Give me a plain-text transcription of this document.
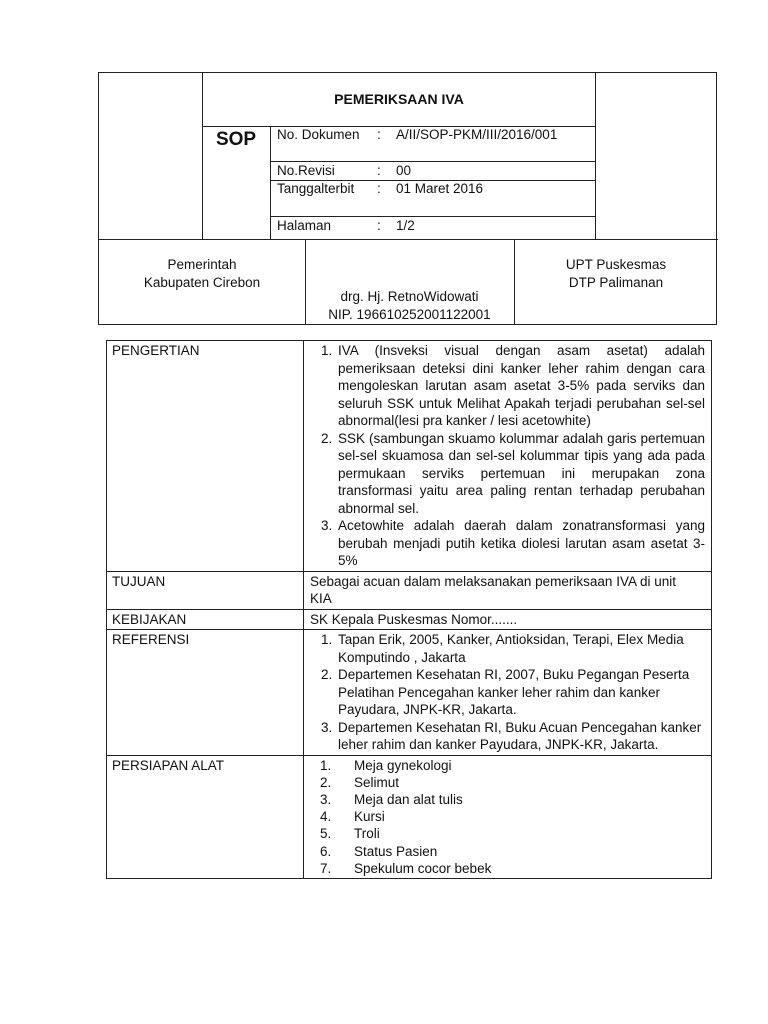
PEMERIKSAAN IVA
SOP	No. Dokumen	: A/II/SOP-PKM/III/2016/001
No.Revisi	: 00
Tanggalterbit	: 01 Maret 2016
Halaman	: 1/2
Pemerintah
Kabupaten Cirebon
drg. Hj. RetnoWidowati
NIP. 196610252001122001
UPT Puskesmas
DTP Palimanan
PENGERTIAN	1. IVA (Insveksi visual dengan asam asetat) adalah pemeriksaan deteksi dini kanker leher rahim dengan cara mengoleskan larutan asam asetat 3-5% pada serviks dan seluruh SSK untuk Melihat Apakah terjadi perubahan sel-sel abnormal(lesi pra kanker / lesi acetowhite)
2. SSK (sambungan skuamo kolummar adalah garis pertemuan sel-sel skuamosa dan sel-sel kolummar tipis yang ada pada permukaan serviks pertemuan ini merupakan zona transformasi yaitu area paling rentan terhadap perubahan abnormal sel.
3. Acetowhite adalah daerah dalam zonatransformasi yang berubah menjadi putih ketika diolesi larutan asam asetat 3-5%
TUJUAN	Sebagai acuan dalam melaksanakan pemeriksaan IVA di unit KIA
KEBIJAKAN	SK Kepala Puskesmas Nomor.......
REFERENSI	1. Tapan Erik, 2005, Kanker, Antioksidan, Terapi, Elex Media Komputindo , Jakarta
2. Departemen Kesehatan RI, 2007, Buku Pegangan Peserta Pelatihan Pencegahan kanker leher rahim dan kanker Payudara, JNPK-KR, Jakarta.
3. Departemen Kesehatan RI, Buku Acuan Pencegahan kanker leher rahim dan kanker Payudara, JNPK-KR, Jakarta.
PERSIAPAN ALAT	1.	Meja gynekologi
2.	Selimut
3.	Meja dan alat tulis
4.	Kursi
5.	Troli
6.	Status Pasien
7.	Spekulum cocor bebek
